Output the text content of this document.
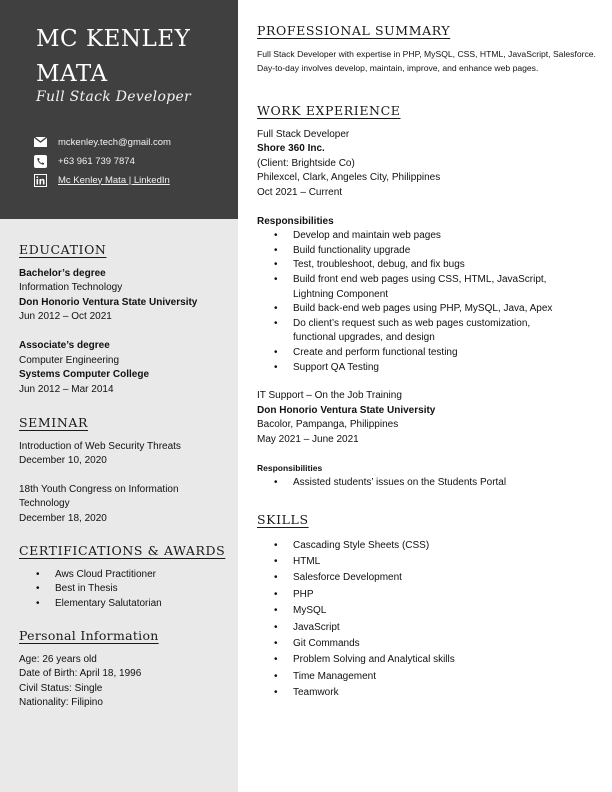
MC KENLEY
MATA
Full Stack Developer
mckenley.tech@gmail.com
+63 961 739 7874
Mc Kenley Mata | LinkedIn
EDUCATION

Bachelor’s degree

Information Technology

Don Honorio Ventura State University

Jun 2012 – Oct 2021

Associate’s degree

Computer Engineering

Systems Computer College

Jun 2012 – Mar 2014

SEMINAR

Introduction of Web Security Threats

December 10, 2020

18th Youth Congress on Information Technology

December 18, 2020

CERTIFICATIONS & AWARDS
• Aws Cloud Practitioner
• Best in Thesis
• Elementary Salutatorian
Personal Information

Age: 26 years old

Date of Birth: April 18, 1996

Civil Status: Single

Nationality: Filipino

PROFESSIONAL SUMMARY

Full Stack Developer with expertise in PHP, MySQL, CSS, HTML, JavaScript, Salesforce. Day-to-day involves develop, maintain, improve, and enhance web pages.

WORK EXPERIENCE

Full Stack Developer

Shore 360 Inc.

(Client: Brightside Co)

Philexcel, Clark, Angeles City, Philippines

Oct 2021 – Current

Responsibilities

• Develop and maintain web pages
• Build functionality upgrade
• Test, troubleshoot, debug, and fix bugs
• Build front end web pages using CSS, HTML, JavaScript, Lightning Component
• Build back-end web pages using PHP, MySQL, Java, Apex
• Do client’s request such as web pages customization, functional upgrades, and design
• Create and perform functional testing
• Support QA Testing

IT Support – On the Job Training

Don Honorio Ventura State University

Bacolor, Pampanga, Philippines

May 2021 – June 2021

Responsibilities

• Assisted students’ issues on the Students Portal
SKILLS
• Cascading Style Sheets (CSS)
• HTML
• Salesforce Development
• PHP
• MySQL
• JavaScript
• Git Commands
• Problem Solving and Analytical skills
• Time Management
• Teamwork
